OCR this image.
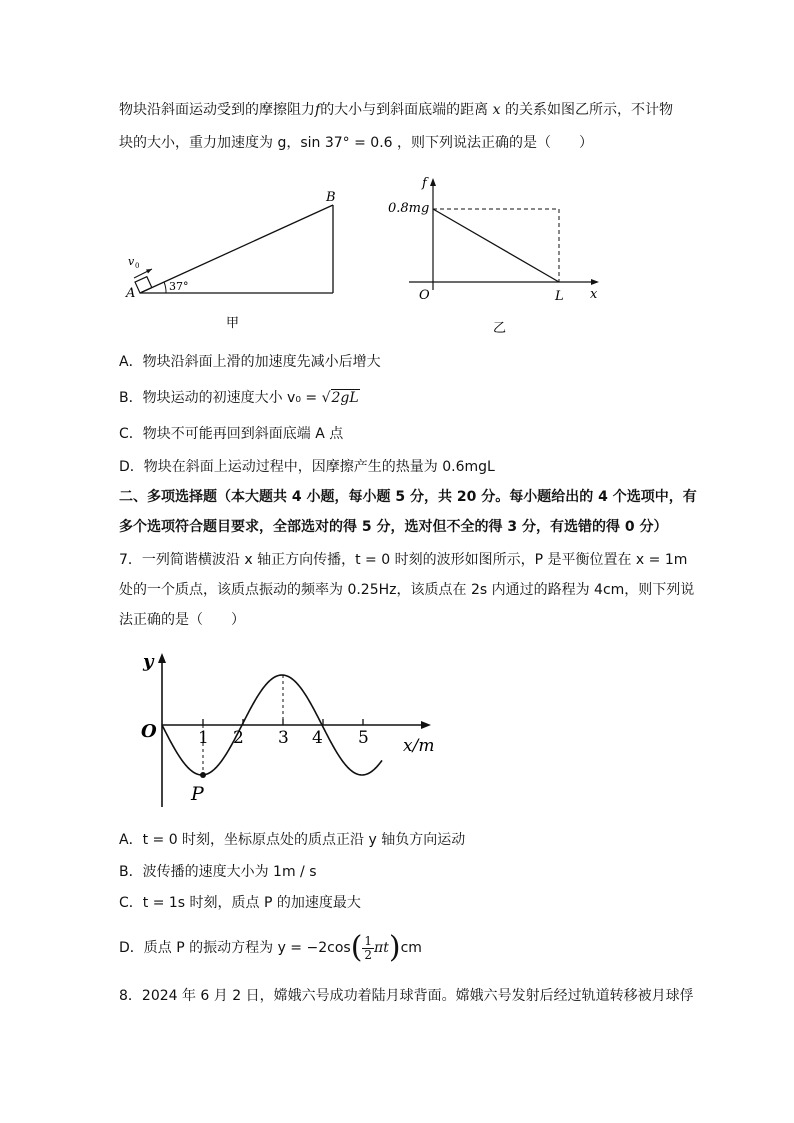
物块沿斜面运动受到的摩擦阻力f的大小与到斜面底端的距离 x 的关系如图乙所示，不计物
块的大小，重力加速度为 g，sin 37° = 0.6 ，则下列说法正确的是（　　）
B
A
v 0
37°
甲
f
0.8mg
O	L x
乙
A．物块沿斜面上滑的加速度先减小后增大
B．物块运动的初速度大小 v₀ = √2gL
C．物块不可能再回到斜面底端 A 点
D．物块在斜面上运动过程中，因摩擦产生的热量为 0.6mgL
二、多项选择题（本大题共 4 小题，每小题 5 分，共 20 分。每小题给出的 4 个选项中，有
多个选项符合题目要求，全部选对的得 5 分，选对但不全的得 3 分，有选错的得 0 分）
7．一列简谐横波沿 x 轴正方向传播，t = 0 时刻的波形如图所示，P 是平衡位置在 x = 1m
处的一个质点，该质点振动的频率为 0.25Hz，该质点在 2s 内通过的路程为 4cm，则下列说
法正确的是（　　）
y
O 1 2 3 4 5 x/m
P
A．t = 0 时刻，坐标原点处的质点正沿 y 轴负方向运动
B．波传播的速度大小为 1m / s
C．t = 1s 时刻，质点 P 的加速度最大
D．质点 P 的振动方程为 $y = -2\cos( \frac{1}{2} \pi t)cm$
8．2024 年 6 月 2 日，嫦娥六号成功着陆月球背面。嫦娥六号发射后经过轨道转移被月球俘
